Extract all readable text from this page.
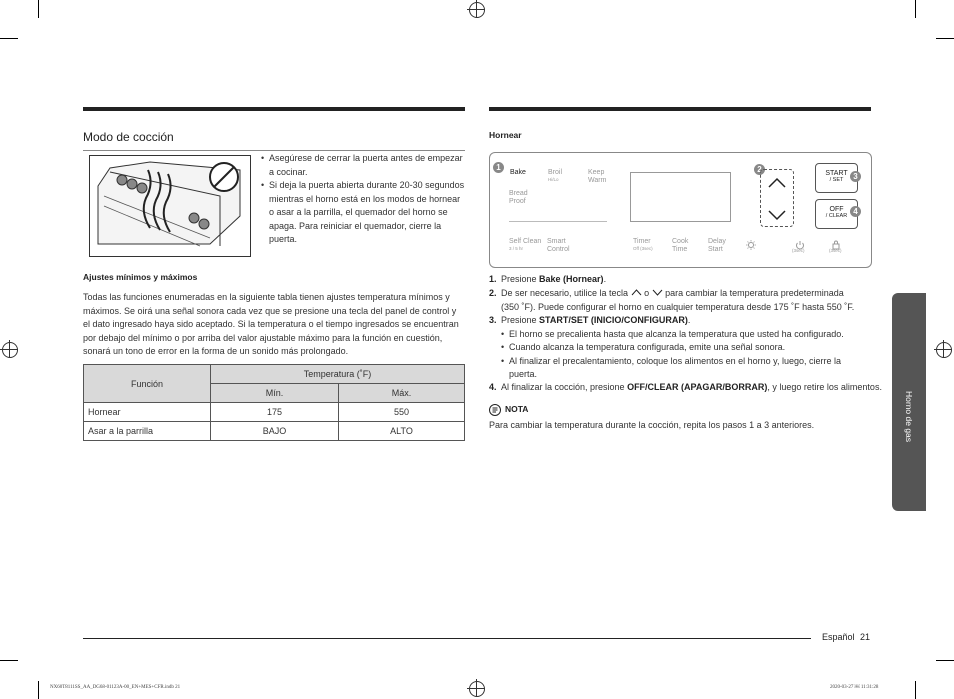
Modo de cocción
• Asegúrese de cerrar la puerta antes de empezar a cocinar.
• Si deja la puerta abierta durante 20-30 segundos mientras el horno está en los modos de hornear o asar a la parrilla, el quemador del horno se apaga. Para reiniciar el quemador, cierre la puerta.
Ajustes mínimos y máximos
Todas las funciones enumeradas en la siguiente tabla tienen ajustes temperatura mínimos y máximos. Se oirá una señal sonora cada vez que se presione una tecla del panel de control y el dato ingresado haya sido aceptado. Si la temperatura o el tiempo ingresados se encuentran por debajo del mínimo o por arriba del valor ajustable máximo para la función en cuestión, sonará un tono de error en la forma de un sonido más prolongado.
Función	Temperatura (˚F)	
	Mín.	Máx.
Hornear	175	550
Asar a la parrilla	BAJO	ALTO
Hornear
1
Bake	Broil
Hi/Lo
Keep
Warm
Bread
Proof
Self Clean
3 / 5 hr
Smart
Control
Timer
Off (3sec)
Cook
Time
Delay
Start	(3sec)	(3sec)
2	START
/ SET	3
OFF
/ CLEAR 4
1. Presione Bake (Hornear).
2. De ser necesario, utilice la tecla o para cambiar la temperatura predeterminada
(350 ˚F). Puede configurar el horno en cualquier temperatura desde 175 ˚F hasta 550 ˚F.
3. Presione START/SET (INICIO/CONFIGURAR).
• El horno se precalienta hasta que alcanza la temperatura que usted ha configurado.
• Cuando alcanza la temperatura configurada, emite una señal sonora.
• Al finalizar el precalentamiento, coloque los alimentos en el horno y, luego, cierre la puerta.
4. Al finalizar la cocción, presione OFF/CLEAR (APAGAR/BORRAR), y luego retire los alimentos.
NOTA
Para cambiar la temperatura durante la cocción, repita los pasos 1 a 3 anteriores.	Horno de gas
Español 21
NX60T8111SS_AA_DG68-01123A-00_EN+MES+CFR.indb 21	2020-03-27 ￼ 11:31:28
